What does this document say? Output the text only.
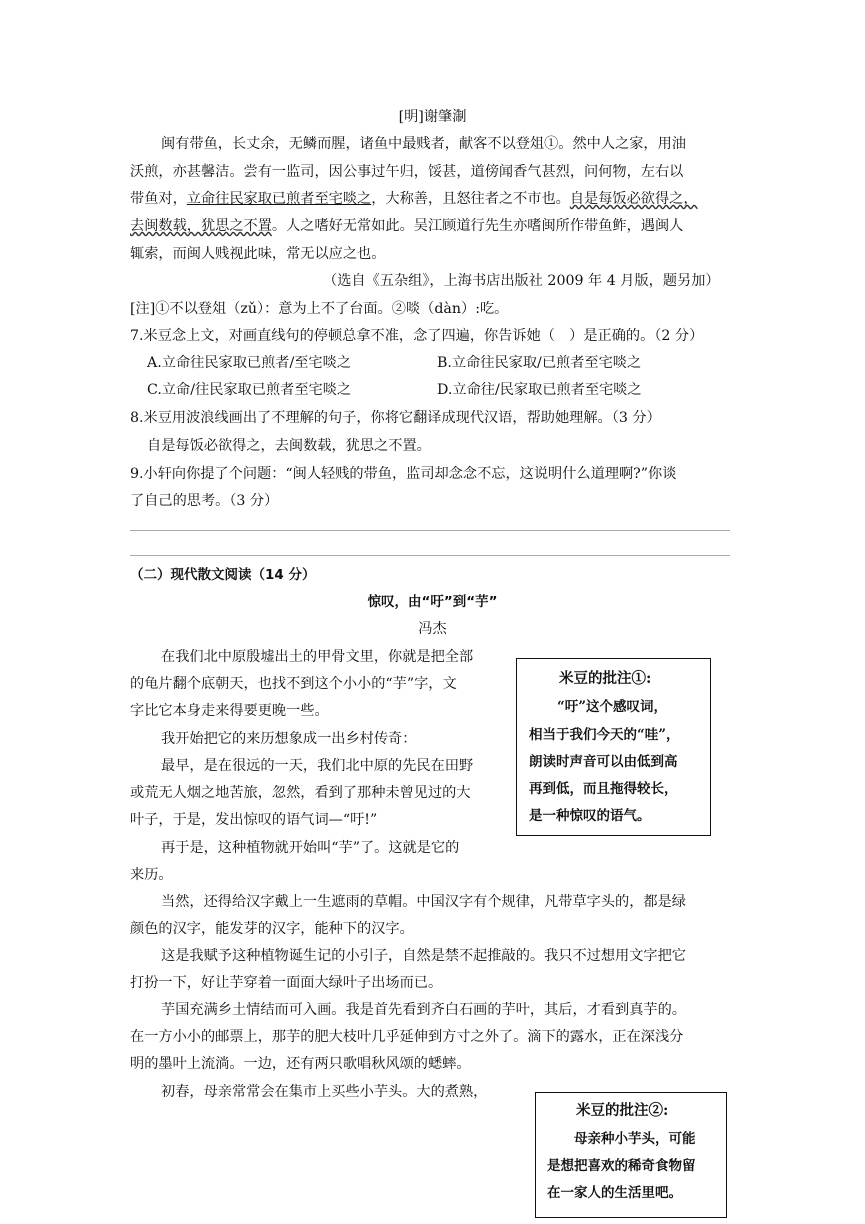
[明]谢肇淛
闽有带鱼，长丈余，无鳞而腥，诸鱼中最贱者，献客不以登俎①。然中人之家，用油
沃煎，亦甚馨洁。尝有一监司，因公事过午归，馁甚，道傍闻香气甚烈，问何物，左右以
带鱼对，立命往民家取已煎者至宅啖之，大称善，且怒往者之不市也。自是每饭必欲得之，
去闽数载，犹思之不置。人之嗜好无常如此。吴江顾道行先生亦嗜闽所作带鱼鲊，遇闽人
辄索，而闽人贱视此味，常无以应之也。
（选自《五杂组》，上海书店出版社 2009 年 4 月版，题另加）
[注]①不以登俎（zǔ）：意为上不了台面。②啖（dàn）:吃。
7.米豆念上文，对画直线句的停顿总拿不准，念了四遍，你告诉她（　）是正确的。（2 分）
A.立命往民家取已煎者/至宅啖之	B.立命往民家取/已煎者至宅啖之
C.立命/往民家取已煎者至宅啖之	D.立命往/民家取已煎者至宅啖之
8.米豆用波浪线画出了不理解的句子，你将它翻译成现代汉语，帮助她理解。（3 分）
自是每饭必欲得之，去闽数载，犹思之不置。
9.小轩向你提了个问题：“闽人轻贱的带鱼，监司却念念不忘，这说明什么道理啊?”你谈
了自己的思考。（3 分）
（二）现代散文阅读（14 分）
惊叹，由“吁”到“芋”
冯杰
在我们北中原殷墟出土的甲骨文里，你就是把全部
的龟片翻个底朝天，也找不到这个小小的“芋”字，文
字比它本身走来得要更晚一些。
我开始把它的来历想象成一出乡村传奇：
最早，是在很远的一天，我们北中原的先民在田野
或荒无人烟之地苦旅，忽然，看到了那种未曾见过的大
叶子，于是，发出惊叹的语气词—“吁!”
再于是，这种植物就开始叫“芋”了。这就是它的
来历。
当然，还得给汉字戴上一生遮雨的草帽。中国汉字有个规律，凡带草字头的，都是绿
颜色的汉字，能发芽的汉字，能种下的汉字。
这是我赋予这种植物诞生记的小引子，自然是禁不起推敲的。我只不过想用文字把它
打扮一下，好让芋穿着一面面大绿叶子出场而已。
芋国充满乡土情结而可入画。我是首先看到齐白石画的芋叶，其后，才看到真芋的。
在一方小小的邮票上，那芋的肥大枝叶几乎延伸到方寸之外了。滴下的露水，正在深浅分
明的墨叶上流淌。一边，还有两只歌唱秋风颂的蟋蟀。
初春，母亲常常会在集市上买些小芋头。大的煮熟，
米豆的批注①:
“吁”这个感叹词，
相当于我们今天的“哇”，
朗读时声音可以由低到高
再到低，而且拖得较长，
是一种惊叹的语气。
米豆的批注②:
母亲种小芋头，可能
是想把喜欢的稀奇食物留
在一家人的生活里吧。
